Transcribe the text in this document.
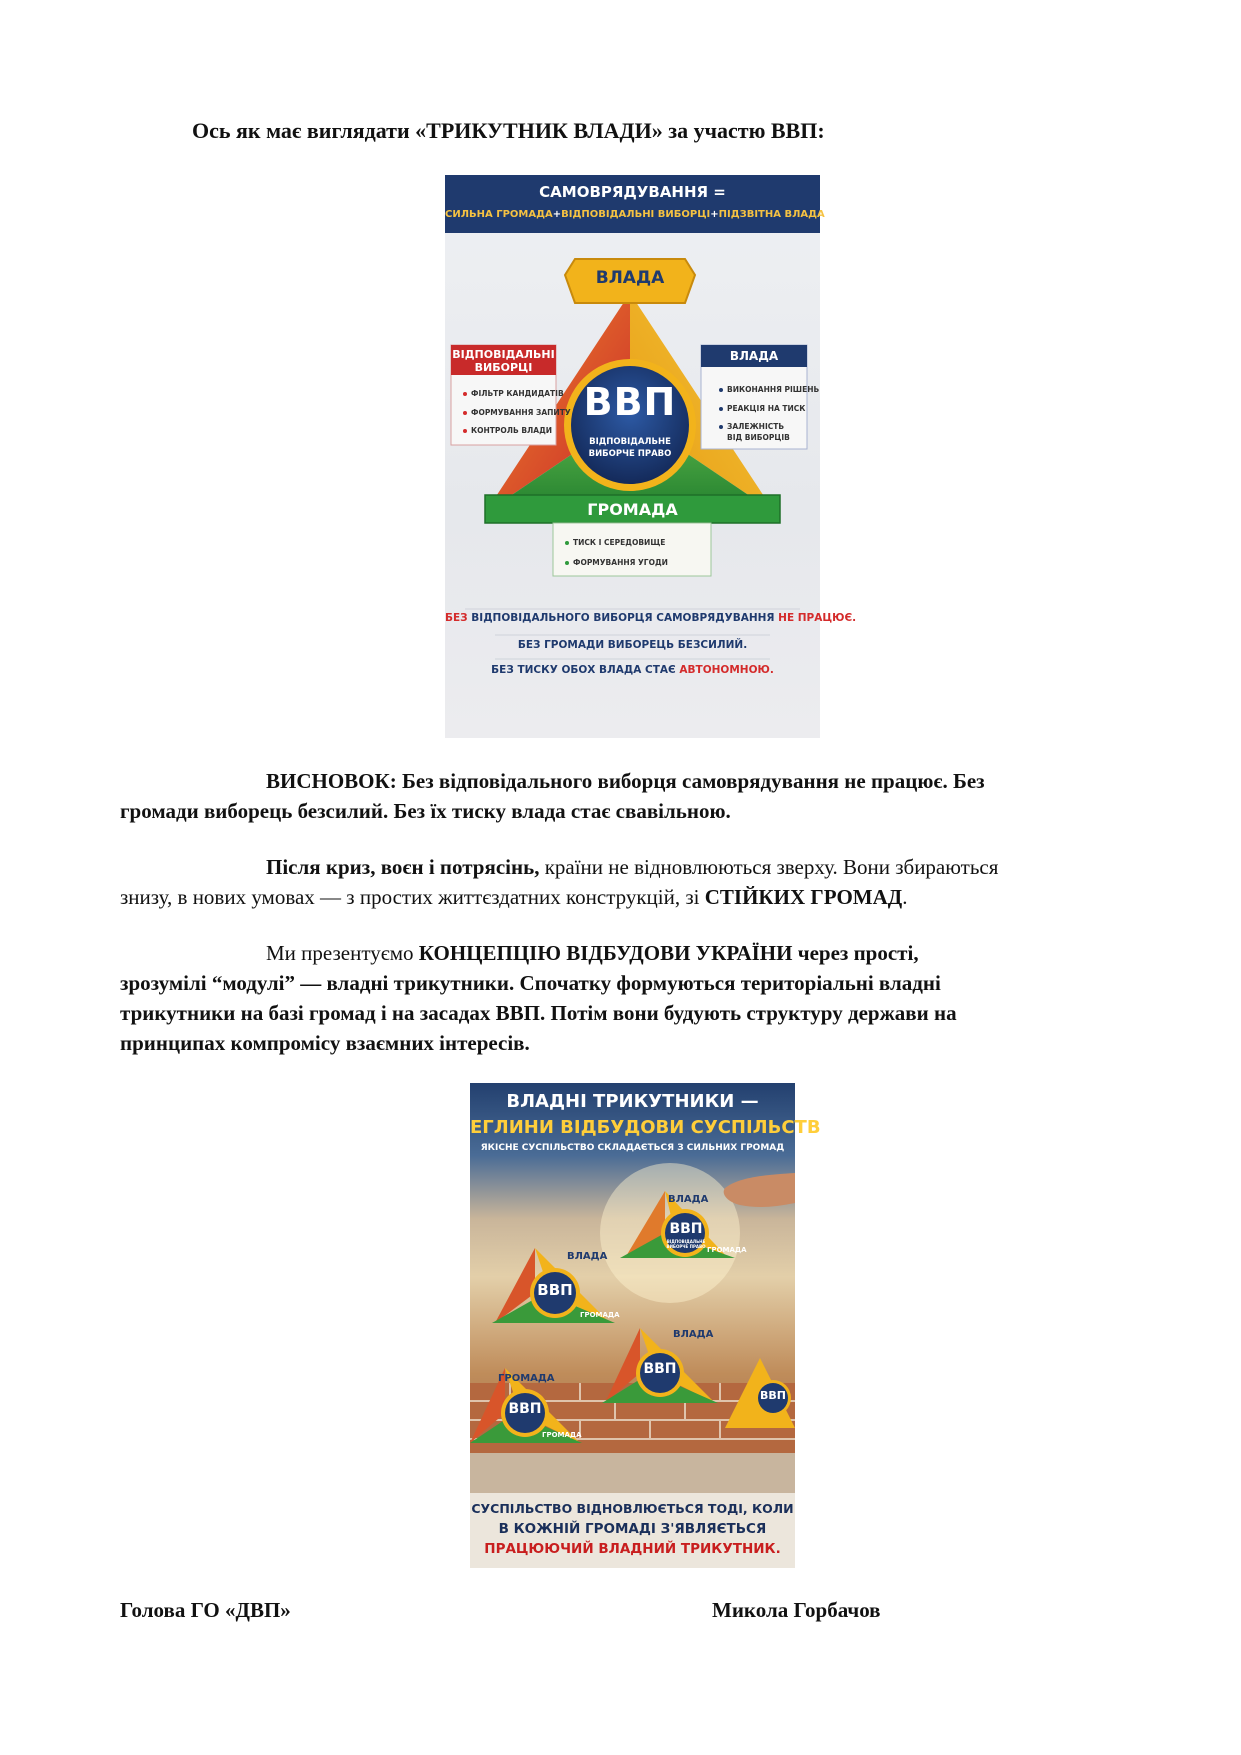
Ось як має виглядати «ТРИКУТНИК ВЛАДИ» за участю ВВП:
САМОВРЯДУВАННЯ =
СИЛЬНА ГРОМАДА+ВІДПОВІДАЛЬНІ ВИБОРЦІ+ПІДЗВІТНА ВЛАДА
ВЛАДА
ВВП
ВІДПОВІДАЛЬНЕ
ВИБОРЧЕ ПРАВО
ГРОМАДА
ВІДПОВІДАЛЬНІ
ВИБОРЦІ
ФІЛЬТР КАНДИДАТІВ
ФОРМУВАННЯ ЗАПИТУ
КОНТРОЛЬ ВЛАДИ
ВЛАДА
ВИКОНАННЯ РІШЕНЬ
РЕАКЦІЯ НА ТИСК
ЗАЛЕЖНІСТЬ
ВІД ВИБОРЦІВ
ТИСК І СЕРЕДОВИЩЕ
ФОРМУВАННЯ УГОДИ
БЕЗ ВІДПОВІДАЛЬНОГО ВИБОРЦЯ САМОВРЯДУВАННЯ НЕ ПРАЦЮЄ.
БЕЗ ГРОМАДИ ВИБОРЕЦЬ БЕЗСИЛИЙ.
БЕЗ ТИСКУ ОБОХ ВЛАДА СТАЄ АВТОНОМНОЮ.
ВИСНОВОК: Без відповідального виборця самоврядування не працює. Без
громади виборець безсилий. Без їх тиску влада стає свавільною.
Після криз, воєн і потрясінь, країни не відновлюються зверху. Вони збираються
знизу, в нових умовах — з простих життєздатних конструкцій, зі СТІЙКИХ ГРОМАД.
Ми презентуємо КОНЦЕПЦІЮ ВІДБУДОВИ УКРАЇНИ через прості,
зрозумілі “модулі” — владні трикутники. Спочатку формуються територіальні владні
трикутники на базі громад і на засадах ВВП. Потім вони будують структуру держави на
принципах компромісу взаємних інтересів.
ВЛАДНІ ТРИКУТНИКИ —
ЕГЛИНИ ВІДБУДОВИ СУСПІЛЬСТВ
ЯКІСНЕ СУСПІЛЬСТВО СКЛАДАЄТЬСЯ З СИЛЬНИХ ГРОМАД
ВЛАДА
ВВП
ВІДПОВІДАЛЬНЕ
ВИБОРЧЕ ПРАВО ГРОМАДА
ВЛАДА
ВВП
ГРОМАДА
ВЛАДА
ВВП
ГРОМАДА
ВВП
ГРОМАДА
ВВП
СУСПІЛЬСТВО ВІДНОВЛЮЄТЬСЯ ТОДІ, КОЛИ
В КОЖНІЙ ГРОМАДІ З'ЯВЛЯЄТЬСЯ
ПРАЦЮЮЧИЙ ВЛАДНИЙ ТРИКУТНИК.
Голова ГО «ДВП»	Микола Горбачов
